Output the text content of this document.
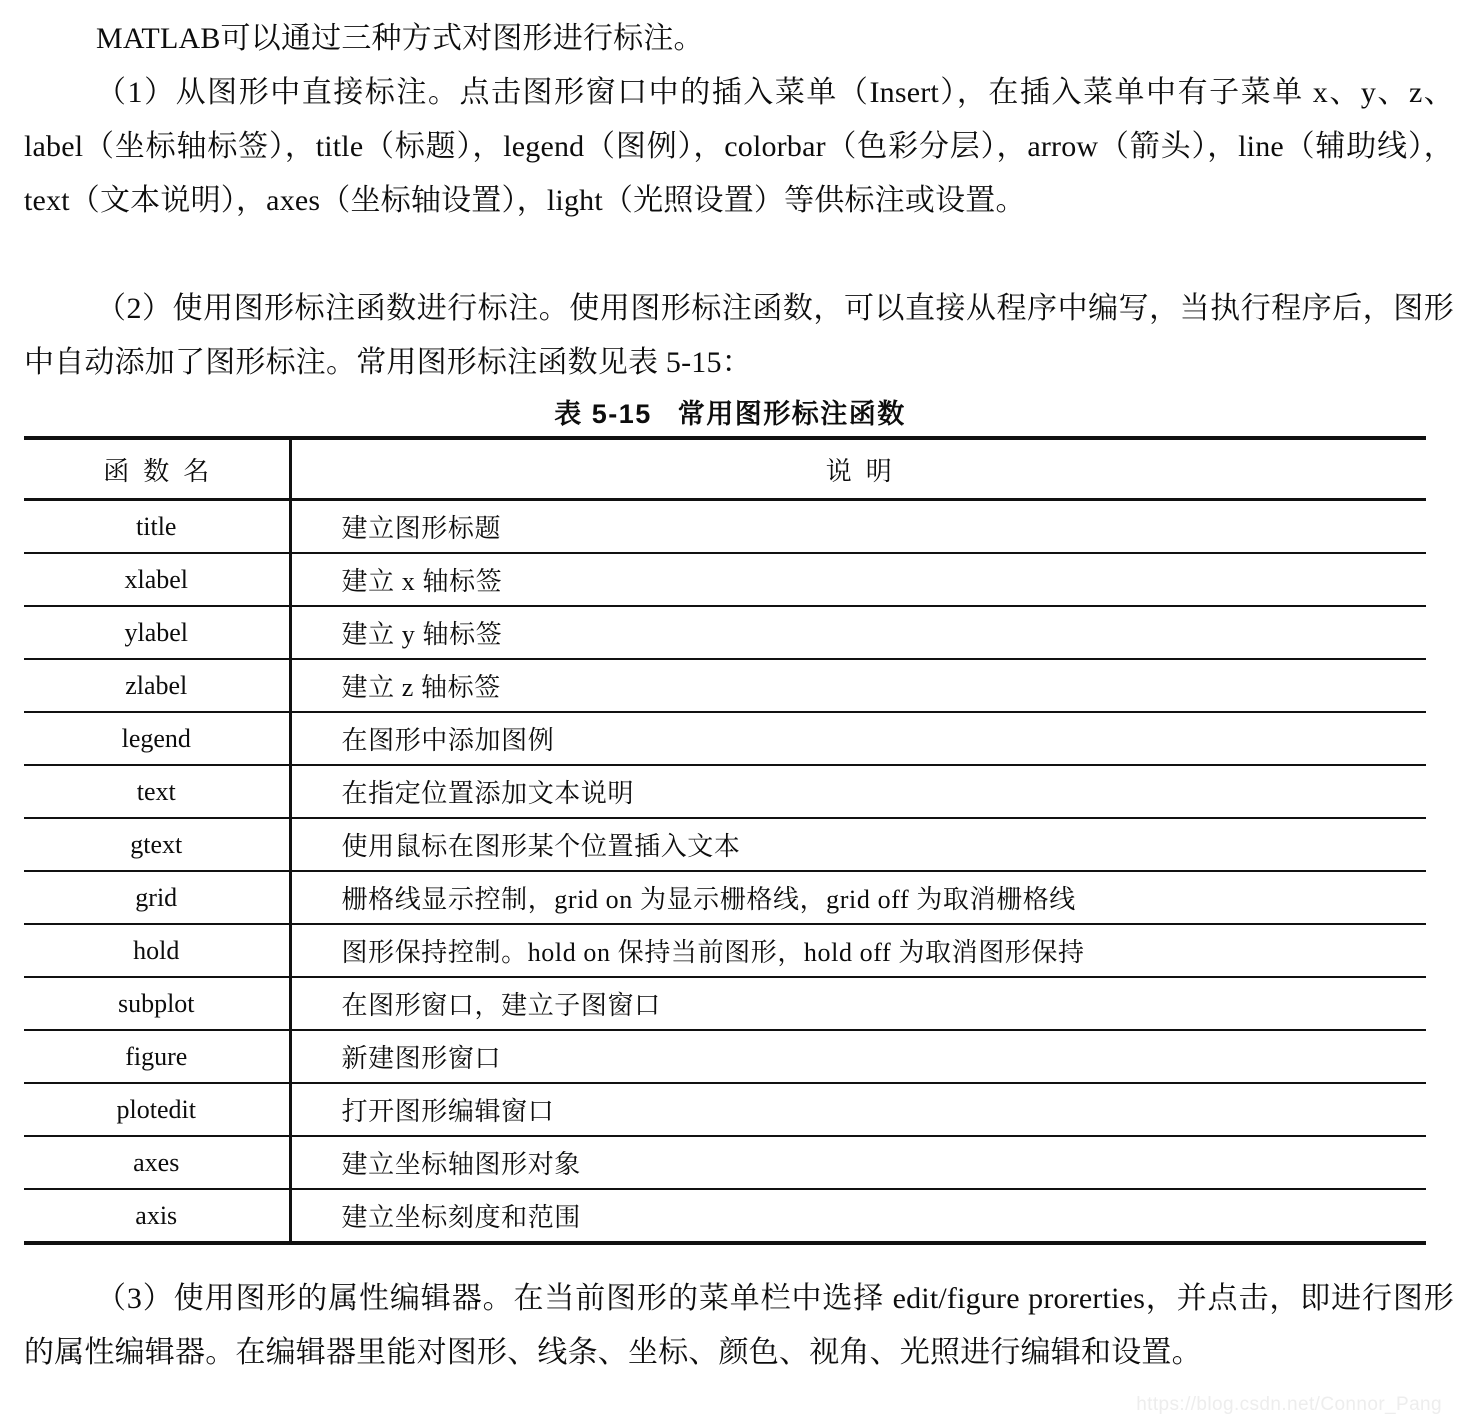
MATLAB可以通过三种方式对图形进行标注。

（1）从图形中直接标注。点击图形窗口中的插入菜单（Insert），在插入菜单中有子菜单 x、y、z、label（坐标轴标签），title（标题），legend（图例），colorbar（色彩分层），arrow（箭头），line（辅助线），text（文本说明），axes（坐标轴设置），light（光照设置）等供标注或设置。

（2）使用图形标注函数进行标注。使用图形标注函数，可以直接从程序中编写，当执行程序后，图形中自动添加了图形标注。常用图形标注函数见表 5-15：

表 5-15 常用图形标注函数
函数名	说明
title	建立图形标题
xlabel	建立 x 轴标签
ylabel	建立 y 轴标签
zlabel	建立 z 轴标签
legend	在图形中添加图例
text	在指定位置添加文本说明
gtext	使用鼠标在图形某个位置插入文本
grid	栅格线显示控制，grid on 为显示栅格线，grid off 为取消栅格线
hold	图形保持控制。hold on 保持当前图形，hold off 为取消图形保持
subplot	在图形窗口，建立子图窗口
figure	新建图形窗口
plotedit	打开图形编辑窗口
axes	建立坐标轴图形对象
axis	建立坐标刻度和范围

（3）使用图形的属性编辑器。在当前图形的菜单栏中选择 edit/figure prorerties，并点击，即进行图形的属性编辑器。在编辑器里能对图形、线条、坐标、颜色、视角、光照进行编辑和设置。

https://blog.csdn.net/Connor_Pang
